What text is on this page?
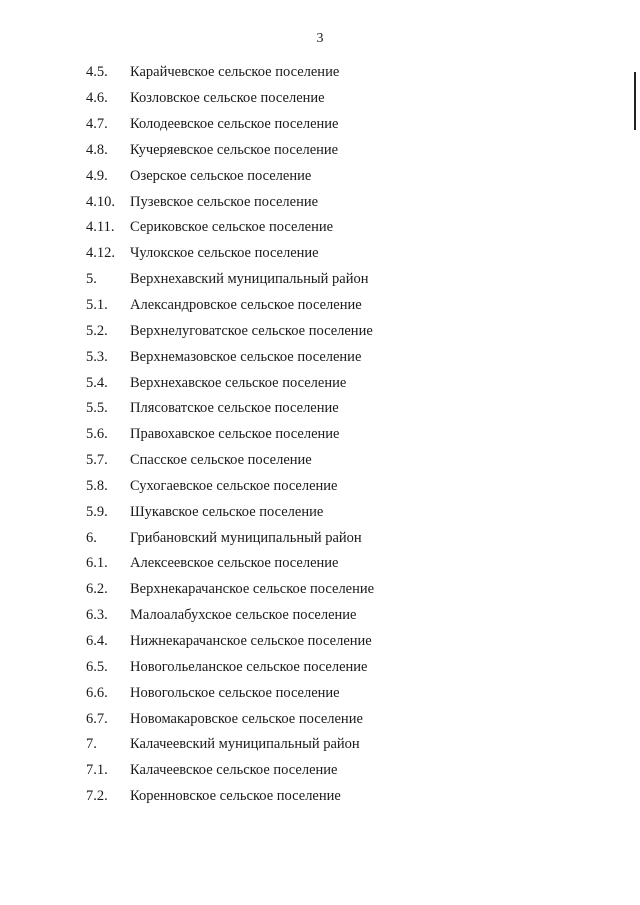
3
4.5.	Карайчевское сельское поселение
4.6.	Козловское сельское поселение
4.7.	Колодеевское сельское поселение
4.8.	Кучеряевское сельское поселение
4.9.	Озерское сельское поселение
4.10.	Пузевское сельское поселение
4.11.	Сериковское сельское поселение
4.12.	Чулокское сельское поселение
5.	Верхнехавский муниципальный район
5.1.	Александровское сельское поселение
5.2.	Верхнелуговатское сельское поселение
5.3.	Верхнемазовское сельское поселение
5.4.	Верхнехавское сельское поселение
5.5.	Плясоватское сельское поселение
5.6.	Правохавское сельское поселение
5.7.	Спасское сельское поселение
5.8.	Сухогаевское сельское поселение
5.9.	Шукавское сельское поселение
6.	Грибановский муниципальный район
6.1.	Алексеевское сельское поселение
6.2.	Верхнекарачанское сельское поселение
6.3.	Малоалабухское сельское поселение
6.4.	Нижнекарачанское сельское поселение
6.5.	Новогольеланское сельское поселение
6.6.	Новогольское сельское поселение
6.7.	Новомакаровское сельское поселение
7.	Калачеевский муниципальный район
7.1.	Калачеевское сельское поселение
7.2.	Коренновское сельское поселение
